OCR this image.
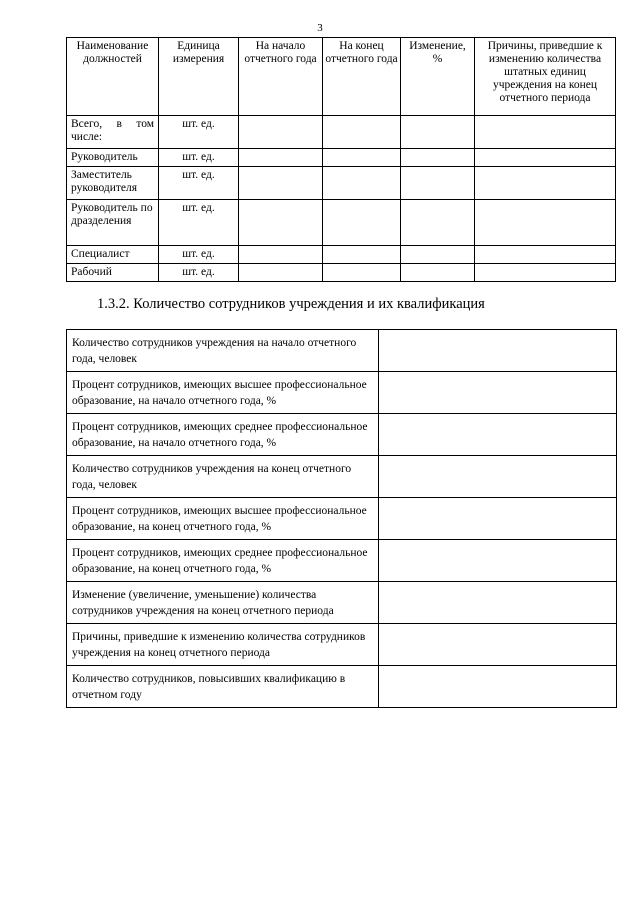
3
Наименование должностей	Единица измерения	На начало отчетного года	На конец отчетного года	Изменение, %	Причины, приведшие к изменению количества штатных единиц учреждения на конец отчетного периода
Всего, в том числе:	шт. ед.				
Руководитель	шт. ед.				
Заместитель руководителя	шт. ед.				
Руководитель подразделения	шт. ед.				
Специалист	шт. ед.				
Рабочий	шт. ед.				
1.3.2. Количество сотрудников учреждения и их квалификация
Количество сотрудников учреждения на начало отчетного года, человек	
Процент сотрудников, имеющих высшее профессиональное образование, на начало отчетного года, %	
Процент сотрудников, имеющих среднее профессиональное образование, на начало отчетного года, %	
Количество сотрудников учреждения на конец отчетного года, человек	
Процент сотрудников, имеющих высшее профессиональное образование, на конец отчетного года, %	
Процент сотрудников, имеющих среднее профессиональное образование, на конец отчетного года, %	
Изменение (увеличение, уменьшение) количества сотрудников учреждения на конец отчетного периода	
Причины, приведшие к изменению количества сотрудников учреждения на конец отчетного периода	
Количество сотрудников, повысивших квалификацию в отчетном году	
